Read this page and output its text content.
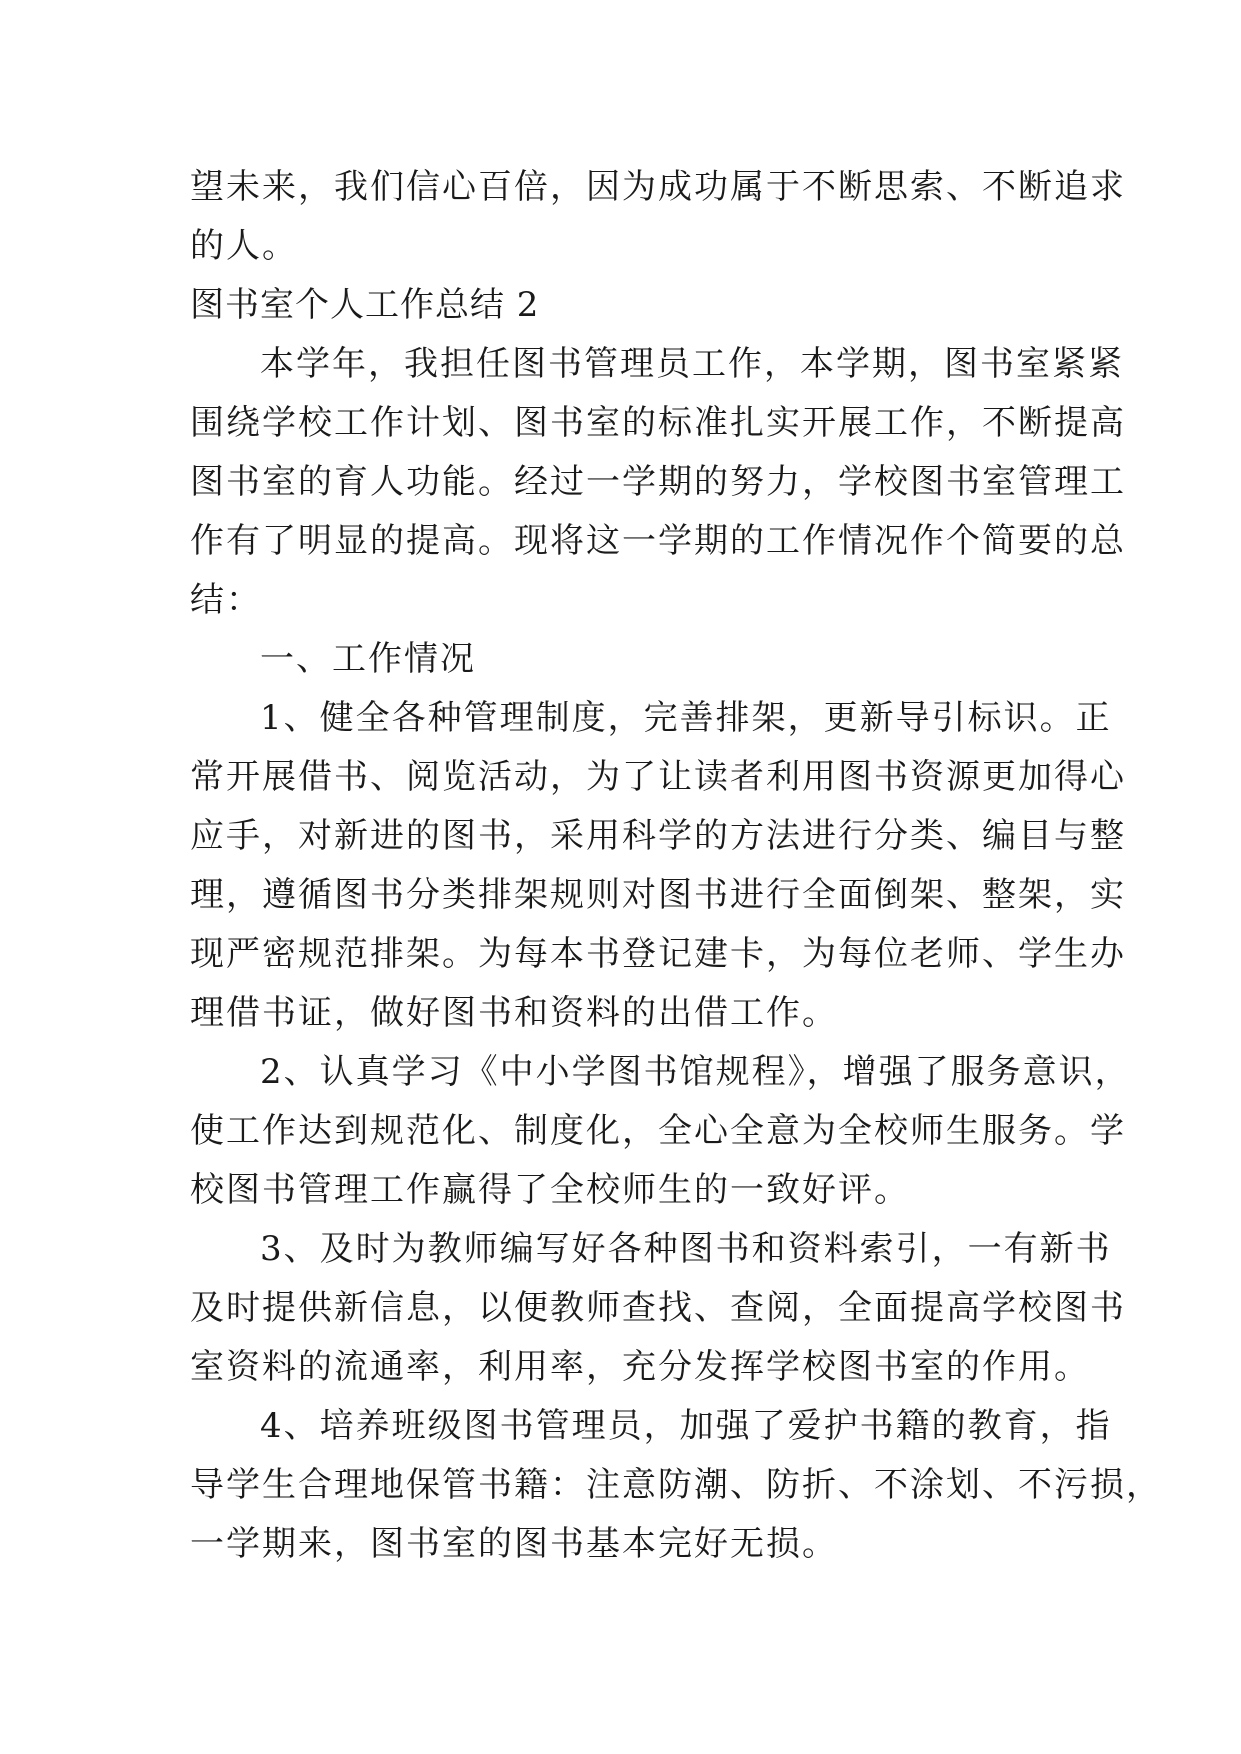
望未来，我们信心百倍，因为成功属于不断思索、不断追求
的人。
图书室个人工作总结 2
本学年，我担任图书管理员工作，本学期，图书室紧紧
围绕学校工作计划、图书室的标准扎实开展工作，不断提高
图书室的育人功能。经过一学期的努力，学校图书室管理工
作有了明显的提高。现将这一学期的工作情况作个简要的总
结：
一、工作情况
1、健全各种管理制度，完善排架，更新导引标识。正
常开展借书、阅览活动，为了让读者利用图书资源更加得心
应手，对新进的图书，采用科学的方法进行分类、编目与整
理，遵循图书分类排架规则对图书进行全面倒架、整架，实
现严密规范排架。为每本书登记建卡，为每位老师、学生办
理借书证，做好图书和资料的出借工作。
2、认真学习《中小学图书馆规程》，增强了服务意识，
使工作达到规范化、制度化，全心全意为全校师生服务。学
校图书管理工作赢得了全校师生的一致好评。
3、及时为教师编写好各种图书和资料索引，一有新书
及时提供新信息，以便教师查找、查阅，全面提高学校图书
室资料的流通率，利用率，充分发挥学校图书室的作用。
4、培养班级图书管理员，加强了爱护书籍的教育，指
导学生合理地保管书籍：注意防潮、防折、不涂划、不污损，
一学期来，图书室的图书基本完好无损。
